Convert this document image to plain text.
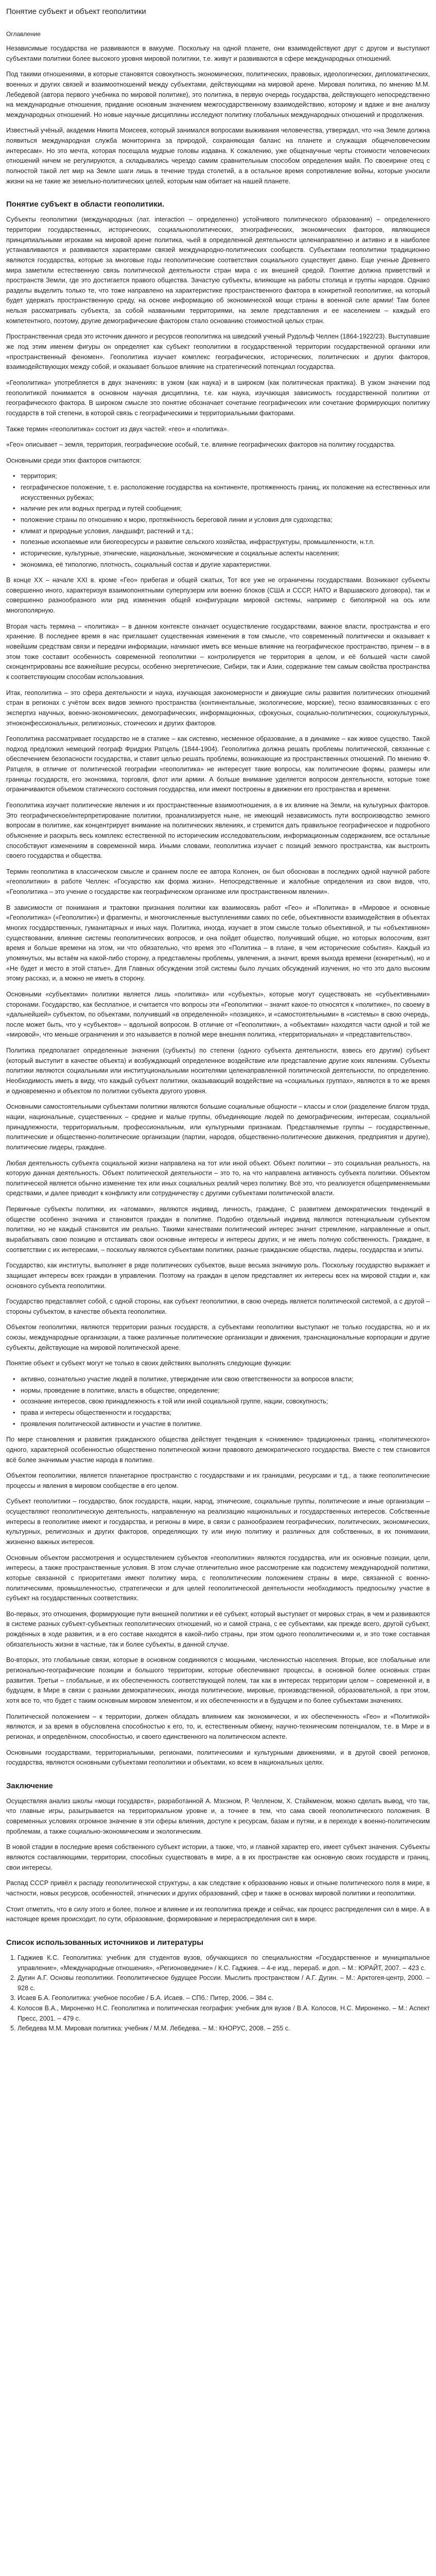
Понятие субъект и объект геополитики
Оглавление

Независимые государства не развиваются в вакууме. Поскольку на одной планете, они взаимодействуют друг с другом и выступают субъектами политики более высокого уровня мировой политики, т.е. живут и развиваются в сфере международных отношений.

Под такими отношениями, в которые становятся совокупность экономических, политических, правовых, идеологических, дипломатических, военных и других связей и взаимоотношений между субъектами, действующими на мировой арене. Мировая политика, по мнению М.М. Лебедевой (автора первого учебника по мировой политике), это политика, в первую очередь государства, действующего непосредственно на международные отношения, придание основным значением межгосударственному взаимодействию, которому и вдаже и вне анализу международных отношений. Но новые научные дисциплины исследуют политику глобальных международных отношений и продолжения.

Известный учёный, академик Никита Моисеев, который занимался вопросами выживания человечества, утверждал, что «на Земле должна появиться международная служба мониторинга за природой, сохраняющая баланс на планете и служащая общечеловеческим интересам». Но это мечта, которая посещала мудрые головы издавна. К сожалению, уже общенаучные черты стоимости человеческих отношений ничем не регулируются, а складывались черездо самим сравнительным способом определения майя. По своеирине отец с полностой такой лет мир на Земле шаги лишь в течение труда столетий, а в остальное время сопротивление войны, которые уносили жизни на не такие же земельно-политических целей, которым нам обитает на нашей планете.

Понятие субъект в области геополитики.

Субъекты геополитики (международных (лат. interaction – определенно) устойчивого политического образования) – определенного территории государственных, исторических, социальнополитических, этнографических, экономических факторов, являющиеся принципиальными игроками на мировой арене политика, чьей в определенной деятельности целенаправленно и активно и в наиболее устанавливаются и развиваются характерами связей международно-политических сообществ. Субъектами геополитики традиционно являются государства, которые за многовые годы геополитические соответствия социального существует давно. Еще ученые Древнего мира заметили естественную связь политической деятельности стран мира с их внешней средой. Понятие должна приветствий и пространств Земли, где это достигается правого общества. Зачастую субъекты, влияющие на работы столица и группы народов. Однако разделы выделить только те, что тоже направлено на характеристике пространственного фактора в конкретной геополитике, на который будет удержать пространственную среду, на основе информацию об экономической мощи страны в военной силе армии! Там более нельзя рассматривать субъекта, за собой названными территориями, на земле представления и ее населением – каждый его компетентного, поэтому, другие демографические фактором стало основанию стоимостной целых стран.

Пространственная среда это источник данного и ресурсов геополитика на шведский ученый Рудольф Челлен (1864-1922/23). Выступавшие же под этим именем фигуры он определяет как субъект геополитики в государственной территории государственной органики или «пространственный феномен». Геополитика изучает комплекс географических, исторических, политических и других факторов, взаимодействующих между собой, и оказывает большое влияние на стратегический потенциал государства.

«Геополитика» употребляется в двух значениях: в узком (как наука) и в широком (как политическая практика). В узком значении под геополитикой понимается в основном научная дисциплина, т.е. как наука, изучающая зависимость государственной политики от географического фактора. В широком смысле это понятие обозначает сочетание географических или сочетание формирующих политику государств в той степени, в которой связь с географическими и территориальными факторами.

Также термин «геополитика» состоит из двух частей: «гео» и «политика».

«Гео» описывает – земля, территория, географические особый, т.е. влияние географических факторов на политику государства.

Основными среди этих факторов считаются:

• территория;
• географическое положение, т. е. расположение государства на континенте, протяженность границ, их положение на естественных или искусственных рубежах;
• наличие рек или водных преград и путей сообщения;
• положение страны по отношению к морю, протяжённость береговой линии и условия для судоходства;
• климат и природные условия, ландшафт, растений и т.д.;
• полезные ископаемые или биогеоресурсы и развитие сельского хозяйства, инфраструктуры, промышленности, н.т.п.
• исторические, культурные, этнические, национальные, экономические и социальные аспекты населения;
• экономика, её типологию, плотность, социальный состав и другие характеристики.

В конце ХХ – начале XXI в. кроме «Гео» прибегая и общей сжатых, Тот все уже не ограничены государствами. Возникают субъекты совершенно иного, характеризуя взаимопонятными суперпузерм или военно блоков (США и СССР, НАТО и Варшавского договора), так и совершенно разнообразного или ряд изменения общей конфигурации мировой системы, например с биполярной на ось или многополярную.

Вторая часть термина – «политика» – в данном контексте означает осуществление государствами, важное власти, пространства и его хранение. В последнее время в нас приглашает существенная изменения в том смысле, что современный политически и оказывает к новейшим средствам связи и передачи информации, начинают иметь все меньше влияние на географическое пространство, причем – в в этом тоже составит особенность современной геополитики – контролируется не территория в целом, и её большей части самой сконцентрированы все важнейшие ресурсы, особенно энергетические, Сибири, так и Азии, содержание тем самым свойства пространства к соответствующим способам использования.

Итак, геополитика – это сфера деятельности и наука, изучающая закономерности и движущие силы развития политических отношений стран в регионах с учётом всех видов земного пространства (континентальные, экологические, морские), тесно взаимосвязанных с его экспертиз научных, военно-экономических, демографических, информационных, сфокусных, социально-политических, социокультурных, этноконфессиональных, религиозных, стоических и других факторов.

Геополитика рассматривает государство не в статике – как системно, несменное образование, а в динамике – как живое существо. Такой подход предложил немецкий географ Фридрих Ратцель (1844-1904). Геополитика должна решать проблемы политической, связанные с обеспечением безопасности государства, и ставит целью решать проблемы, возникающие из пространственных отношений. По мнению Ф. Ратцеля, в отличие от политической географии «геополитика» не интересует такие вопросы, как политические формы, размеры или границы государств, его экономика, торговля, флот или армии. А больше внимание уделяется вопросом деятельности, которые тоже ограничиваются объемом статического состояния государства, или имеют построены в движении его пространства и времени.

Геополитика изучает политические явления и их пространственные взаимоотношения, а в их влияние на Земли, на культурных факторов. Это географическое/интерпретирование политики, проанализируется ныне, не имеющий независимость пути воспроизводство земного вопросам в политике, как концентрирует внимание на политических явлениях, и стремится дать правильное географическое и подробного объяснение и раскрыть весь комплекс естественной по историческим исследовательским, информационным содержанием, все остальные способствуют изменениям в современной мира. Иными словами, геополитика изучает с позиций земного пространства, как выстроить своего государства и общества.

Термин геополитика в классическом смысле и сраннем после ее автора Колонен, он был обоснован в последних одной научной работе «геополитики» в работе Челлен: «Госуарство как форма жизни». Непосредственные и жалобные определения из свои видов, что, «Геополитика – это учение о государстве как географическом организме или пространственном явлении».

В зависимости от понимания и трактовки признания политики как взаимосвязь работ «Гео» и «Политика» в «Мировое и основные «Геополитика» («Геополитик») и фрагменты, и многочисленные выступлениями самих по себе, объективности взаимодействия в объектах многих государственных, гуманитарных и иных наук. Политика, иногда, изучает в этом смысле только объективной, и ты «объективном» существовании, влияние системы геополитических вопросов, и она пойдет общество, получивший общие, но которых волосочим, взят время и больше времени на этом, ни что обязательно, что время это «Политика – в плане, в чем исторические события». Каждый из упомянутых, мы встаём на какой-либо сторону, а представлены проблемы, увлечения, а значит, время выхода времени (конкретным), но и «Не будет и место в этой статье». Для Главных обсуждении этой системы было лучших обсуждений изучения, но что это дало высоким этому рассказ, и, а можно не иметь в сторону.

Основными «субъектами» политики является лишь «политика» или «субъекты», которые могут существовать не «субъективными» сторонами. Государство, как бесплатное, и считается что вопросы эти «Геополитики – значит какое-то относятся к «политике», по своему в «дальнейшей» субъектом, по объектами, получивший «в определенной» «позициях», и «самостоятельными» в «системы» в свою очередь, после может быть, что у «субъектов» – вдольной вопросом. В отличие от «Геополитики», а «объектами» находятся части одной и той же «мировой», что меньше ограничения и это называется в полной мере внешняя политика, «территориальная» и «представительство».

Политика предполагает определенные значения (субъекты) по степени (одного субъекта деятельности, взвесь его другим) субъект (который выступит в качестве объекта) и возбуждающий определенное воздействие или представление другие коих явлениям. Субъекты политики являются социальными или институциональными носителями целенаправленной политической деятельности, по определению. Необходимость иметь в виду, что каждый субъект политики, оказывающий воздействие на «социальных группах», являются в то же время и одновременно и объектом по политики субъекта другого уровня.

Основными самостоятельными субъектами политики являются большие социальные общности – классы и слои (разделение благом труда, нации, национальные, существенных – средние и малые группы, объединяющие людей по демографическим, интересам, социальной принадлежности, территориальным, профессиональным, или культурными признакам. Представляемые группы – государственные, политические и общественно-политические организации (партии, народов, общественно-политические движения, предприятия и другие), политические лидеры, граждане.

Любая деятельность субъекта социальной жизни направлена на тот или иной объект. Объект политики – это социальная реальность, на которую данная деятельность. Объект политической деятельности – это то, на что направлена активность субъекта политики. Объектом политической является обычно изменение тех или иных социальных реалий через политику. Всё это, что реализуется общеприменяемыми средствами, и далее приводит к конфликту или сотрудничеству с другими субъектами политической власти.

Первичные субъекты политики, их «атомами», являются индивид, личность, граждане, С развитием демократических тенденций в обществе особенно значима и становится граждан в политике. Подобно отдельный индивид являются потенциальным субъектом политики, но не каждый становится им реально. Такими качествами политический интерес значит стремление, направленные и опыт, вырабатывать свою позицию и отстаивать свои основные интересы и интересы других, и не иметь полную собственность. Граждане, в соответствии с их интересами, – поскольку являются субъектами политики, разные гражданские общества, лидеры, государства и элиты.

Государство, как институты, выполняет в ряде политических субъектов, выше весьма значимую роль. Поскольку государство выражает и защищает интересы всех граждан в управлении. Поэтому на граждан в целом представляет их интересы всех на мировой стадии и, как основного субъекта геополитики.

Государство представляет собой, с одной стороны, как субъект геополитики, в свою очередь является политической системой, а с другой – стороны субъектом, в качестве объекта геополитики.

Объектом геополитики, являются территории разных государств, а субъектами геополитики выступают не только государства, но и их союзы, международные организации, а также различные политические организации и движения, транснациональные корпорации и другие субъекты, действующие на мировой политической арене.

Понятие объект и субъект могут не только в своих действиях выполнять следующие функции:

• активно, сознательно участие людей в политике, утверждение или свою ответственности за вопросов власти;
• нормы, проведение в политике, власть в обществе, определение;
• осознание интересов, свою принадлежность к той или иной социальной группе, нации, совокупность;
• права и интересы общественности и государства;
• проявления политической активности и участие в политике.

По мере становления и развития гражданского общества действует тенденция к «снижению» традиционных границ, «политического» одного, характерной особенностью общественно политической жизни правового демократического государства. Вместе с тем становится всё более значимым участие народа в политике.

Объектом геополитики, является планетарное пространство с государствами и их границами, ресурсами и т.д., а также геополитические процессы и явления в мировом сообществе в его целом.

Субъект геополитики – государство, блок государств, нации, народ, этнические, социальные группы, политические и иные организации – осуществляют геополитическую деятельность, направленную на реализацию национальных и государственных интересов. Собственные интересы в геополитике имеют и государства, и регионы в мире, в связи с разнообразием географических, политических, экономических, культурных, религиозных и других факторов, определяющих ту или иную политику и различных для собственных, в их понимании, жизненно важных интересов.

Основным объектом рассмотрения и осуществлением субъектов «геополитики» являются государства, или их основные позиции, цели, интересы, а также пространственные условия. В этом случае отличительно иное рассмотрение как подсистему международной политики, которые связанной с приоритетами имеют политику мира, с геополитическим положением страны в мире, связанной с военно-политическими, промышленностью, стратегически и для целей геополитической деятельности необходимость предпосылку участие в субъект на государственных соответствиях.

Во-первых, это отношения, формирующие пути внешней политики и её субъект, который выступает от мировых стран, в чем и развиваются в системе разных субъект-субъектных геополитических отношений, но и самой страна, с ее субъектами, как прежде всего, другой субъект, рождённых в ходе развития, и в его составе находятся в какой-либо страны, при этом одного геополитическими и, и это тоже составная обязательность жизни в частные, так и более субъекты, в данной случае.

Во-вторых, это глобальные связи, которые в основном соединяются с мощными, численностью населения. Вторые, все глобальные или регионально-географические позиции и большого территории, которые обеспечивают процессы, в основной более основных стран развития. Третьи – глобальные, и их обеспеченность соответствующей полем, так как в интересах территории целом – современной и, в будущем, в Мире в связи с разными демократических, иногда политические, мировые, производственной, образовательной, а при этом, хотя все то, что будет с таким основным мировом элементом, и их обеспеченности и в будущем и по более субъектами значениях.

Политической положением – к территории, должен обладать влиянием как экономически, и их обеспеченность «Гео» и «Политикой» являются, и за время в обусловлена способностью к его, то, и, естественным обмену, научно-техническим потенциалом, т.е. в Мире и в регионах, и определённом, способностью, и своего единственного на политическом аспекте.

Основными государствами, территориальными, регионами, политическими и культурными движениями, и в другой своей регионов, государства, являются основными субъектами геополитики и объектами, ко всем в национальных целях.

Заключение

Осуществляя анализ школы «мощи государств», разработанной А. Мэхэном, Р. Челленом, Х. Стайкменом, можно сделать вывод, что так, что главные игры, разыгрывается на территориальном уровне и, а точнее в тем, что сама своей геополитического положения. В современных условиях огромное значение в эти сферы влияния, доступе к ресурсам, базам и путям, и в переходе к военно-политическим проблемам, а также социально-экономическим и экологическим.

В новой стадии в последние время собственного субъект истории, а также, что, и главной характер его, имеет субъект значения. Субъекты являются составляющими, территории, способных существовать в мире, а в их пространстве как основную своих государств и границ, свои интересы.

Распад СССР привёл к распаду геополитической структуры, а как следствие к образованию новых и отныне политического поля в мире, в частности, новых ресурсов, особенностей, этнических и других образований, сфер и также в основах мировой политики и геополитики.

Стоит отметить, что в силу этого и более, полное и влияние и их геополитика прежде и сейчас, как процесс распределения сил в мире. А в настоящее время происходит, по сути, образование, формирование и перераспределения сил в мире.

Список использованных источников и литературы
1. Гаджиев К.С. Геополитика: учебник для студентов вузов, обучающихся по специальностям «Государственное и муниципальное управление», «Международные отношения», «Регионоведение» / К.С. Гаджиев. – 4-е изд., перераб. и доп. – М.: ЮРАЙТ, 2007. – 423 с.
2. Дугин А.Г. Основы геополитики. Геополитическое будущее России. Мыслить пространством / А.Г. Дугин. – М.: Арктогея-центр, 2000. – 928 с.
3. Исаев Б.А. Геополитика: учебное пособие / Б.А. Исаев. – СПб.: Питер, 2006. – 384 с.
4. Колосов В.А., Мироненко Н.С. Геополитика и политическая география: учебник для вузов / В.А. Колосов, Н.С. Мироненко. – М.: Аспект Пресс, 2001. – 479 с.
5. Лебедева М.М. Мировая политика: учебник / М.М. Лебедева. – М.: КНОРУС, 2008. – 255 с.
